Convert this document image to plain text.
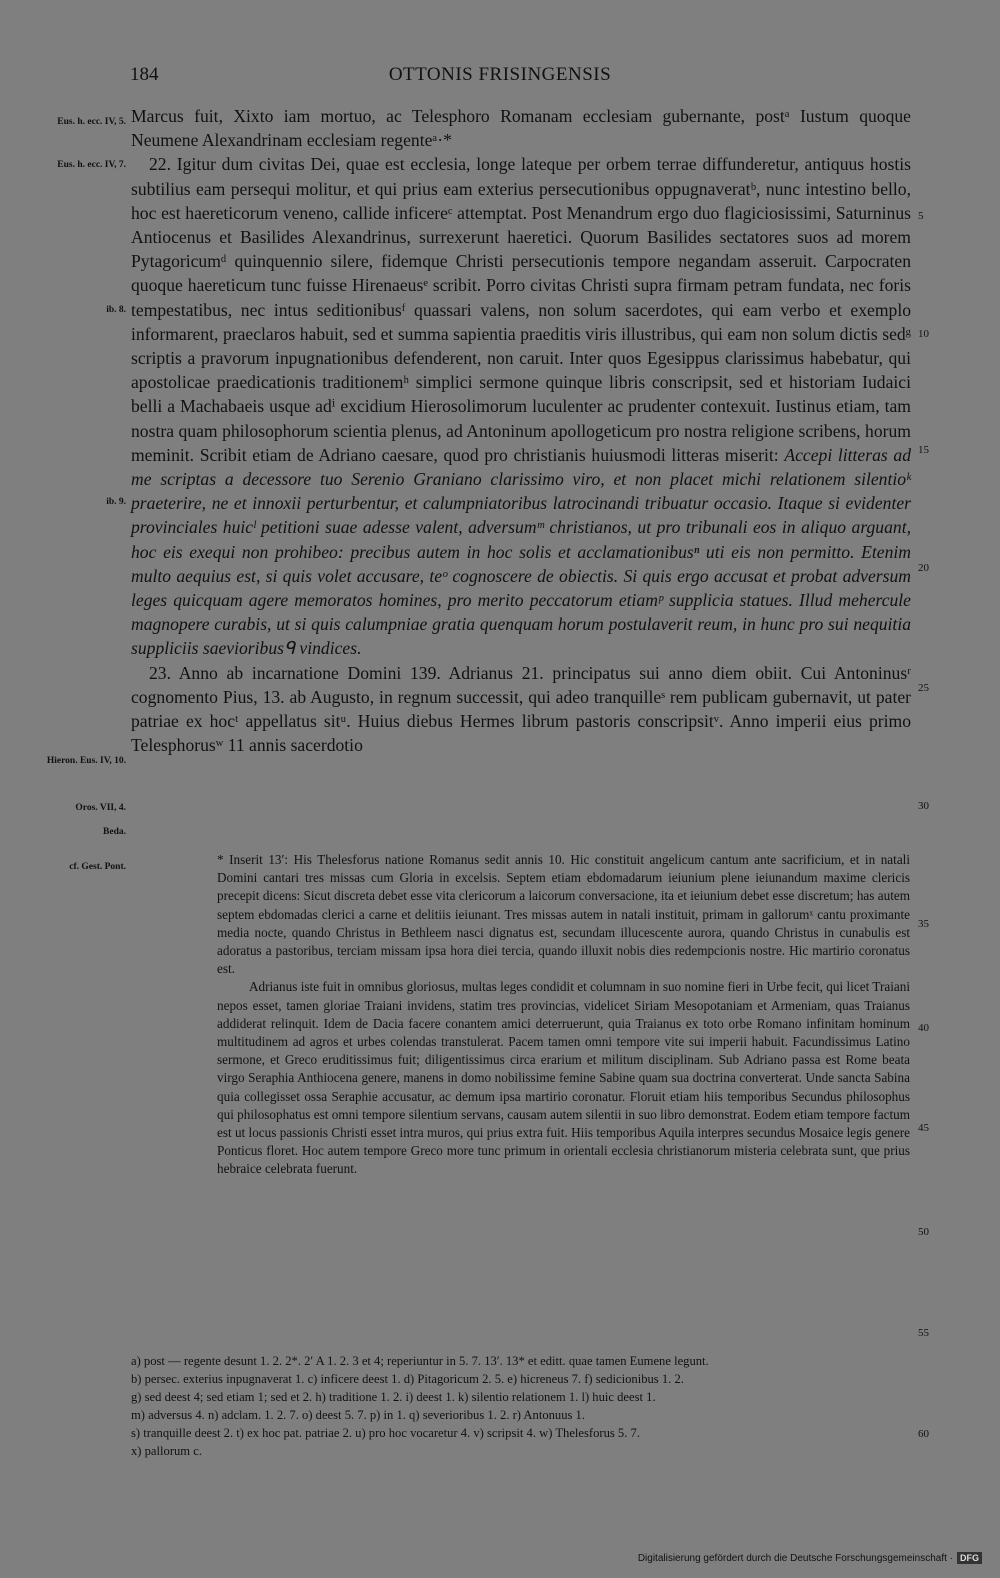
184	OTTONIS FRISINGENSIS
Eus. h. ecc. IV, 5.
Eus. h. ecc. IV, 7.
ib. 8.
ib. 9.
Hieron. Eus. IV, 10.
Oros. VII, 4.
Beda.
cf. Gest. Pont.
5
10
15
20
25
30
35
40
45
50
55
60

Marcus fuit, Xixto iam mortuo, ac Telesphoro Romanam ecclesiam gubernante, postᵃ Iustum quoque Neumene Alexandrinam ecclesiam regenteᵃ·*

22. Igitur dum civitas Dei, quae est ecclesia, longe lateque per orbem terrae diffunderetur, antiquus hostis subtilius eam persequi molitur, et qui prius eam exterius persecutionibus oppugnaveratᵇ, nunc intestino bello, hoc est haereticorum veneno, callide inficereᶜ attemptat. Post Menandrum ergo duo flagiciosissimi, Saturninus Antiocenus et Basilides Alexandrinus, surrexerunt haeretici. Quorum Basilides sectatores suos ad morem Pytagoricumᵈ quinquennio silere, fidemque Christi persecutionis tempore negandam asseruit. Carpocraten quoque haereticum tunc fuisse Hirenaeusᵉ scribit. Porro civitas Christi supra firmam petram fundata, nec foris tempestatibus, nec intus seditionibusᶠ quassari valens, non solum sacerdotes, qui eam verbo et exemplo informarent, praeclaros habuit, sed et summa sapientia praeditis viris illustribus, qui eam non solum dictis sedᵍ scriptis a pravorum inpugnationibus defenderent, non caruit. Inter quos Egesippus clarissimus habebatur, qui apostolicae praedicationis traditionemʰ simplici sermone quinque libris conscripsit, sed et historiam Iudaici belli a Machabaeis usque adⁱ excidium Hierosolimorum luculenter ac prudenter contexuit. Iustinus etiam, tam nostra quam philosophorum scientia plenus, ad Antoninum apollogeticum pro nostra religione scribens, horum meminit. Scribit etiam de Adriano caesare, quod pro christianis huiusmodi litteras miserit: Accepi litteras ad me scriptas a decessore tuo Serenio Graniano clarissimo viro, et non placet michi relationem silentioᵏ praeterire, ne et innoxii perturbentur, et calumpniatoribus latrocinandi tribuatur occasio. Itaque si evidenter provinciales huicˡ petitioni suae adesse valent, adversumᵐ christianos, ut pro tribunali eos in aliquo arguant, hoc eis exequi non prohibeo: precibus autem in hoc solis et acclamationibusⁿ uti eis non permitto. Etenim multo aequius est, si quis volet accusare, teᵒ cognoscere de obiectis. Si quis ergo accusat et probat adversum leges quicquam agere memoratos homines, pro merito peccatorum etiamᵖ supplicia statues. Illud mehercule magnopere curabis, ut si quis calumpniae gratia quenquam horum postulaverit reum, in hunc pro sui nequitia suppliciis saevioribusᑫ vindices.

23. Anno ab incarnatione Domini 139. Adrianus 21. principatus sui anno diem obiit. Cui Antoninusʳ cognomento Pius, 13. ab Augusto, in regnum successit, qui adeo tranquilleˢ rem publicam gubernavit, ut pater patriae ex hocᵗ appellatus sitᵘ. Huius diebus Hermes librum pastoris conscripsitᵛ. Anno imperii eius primo Telesphorusʷ 11 annis sacerdotio

* Inserit 13′: His Thelesforus natione Romanus sedit annis 10. Hic constituit angelicum cantum ante sacrificium, et in natali Domini cantari tres missas cum Gloria in excelsis. Septem etiam ebdomadarum ieiunium plene ieiunandum maxime clericis precepit dicens: Sicut discreta debet esse vita clericorum a laicorum conversacione, ita et ieiunium debet esse discretum; has autem septem ebdomadas clerici a carne et delitiis ieiunant. Tres missas autem in natali instituit, primam in gallorumˣ cantu proximante media nocte, quando Christus in Bethleem nasci dignatus est, secundam illucescente aurora, quando Christus in cunabulis est adoratus a pastoribus, terciam missam ipsa hora diei tercia, quando illuxit nobis dies redempcionis nostre. Hic martirio coronatus est.

Adrianus iste fuit in omnibus gloriosus, multas leges condidit et columnam in suo nomine fieri in Urbe fecit, qui licet Traiani nepos esset, tamen gloriae Traiani invidens, statim tres provincias, videlicet Siriam Mesopotaniam et Armeniam, quas Traianus addiderat relinquit. Idem de Dacia facere conantem amici deterruerunt, quia Traianus ex toto orbe Romano infinitam hominum multitudinem ad agros et urbes colendas transtulerat. Pacem tamen omni tempore vite sui imperii habuit. Facundissimus Latino sermone, et Greco eruditissimus fuit; diligentissimus circa erarium et militum disciplinam. Sub Adriano passa est Rome beata virgo Seraphia Anthiocena genere, manens in domo nobilissime femine Sabine quam sua doctrina converterat. Unde sancta Sabina quia collegisset ossa Seraphie accusatur, ac demum ipsa martirio coronatur. Floruit etiam hiis temporibus Secundus philosophus qui philosophatus est omni tempore silentium servans, causam autem silentii in suo libro demonstrat. Eodem etiam tempore factum est ut locus passionis Christi esset intra muros, qui prius extra fuit. Hiis temporibus Aquila interpres secundus Mosaice legis genere Ponticus floret. Hoc autem tempore Greco more tunc primum in orientali ecclesia christianorum misteria celebrata sunt, que prius hebraice celebrata fuerunt.

a) post — regente desunt 1. 2. 2*. 2′ A 1. 2. 3 et 4; reperiuntur in 5. 7. 13′. 13* et editt. quae tamen Eumene legunt.

b) persec. exterius inpugnaverat 1. c) inficere deest 1. d) Pitagoricum 2. 5. e) hicreneus 7. f) sedicionibus 1. 2.

g) sed deest 4; sed etiam 1; sed et 2. h) traditione 1. 2. i) deest 1. k) silentio relationem 1. l) huic deest 1.

m) adversus 4. n) adclam. 1. 2. 7. o) deest 5. 7. p) in 1. q) severioribus 1. 2. r) Antonuus 1.

s) tranquille deest 2. t) ex hoc pat. patriae 2. u) pro hoc vocaretur 4. v) scripsit 4. w) Thelesforus 5. 7.

x) pallorum c.

Digitalisierung gefördert durch die Deutsche Forschungsgemeinschaft · DFG
